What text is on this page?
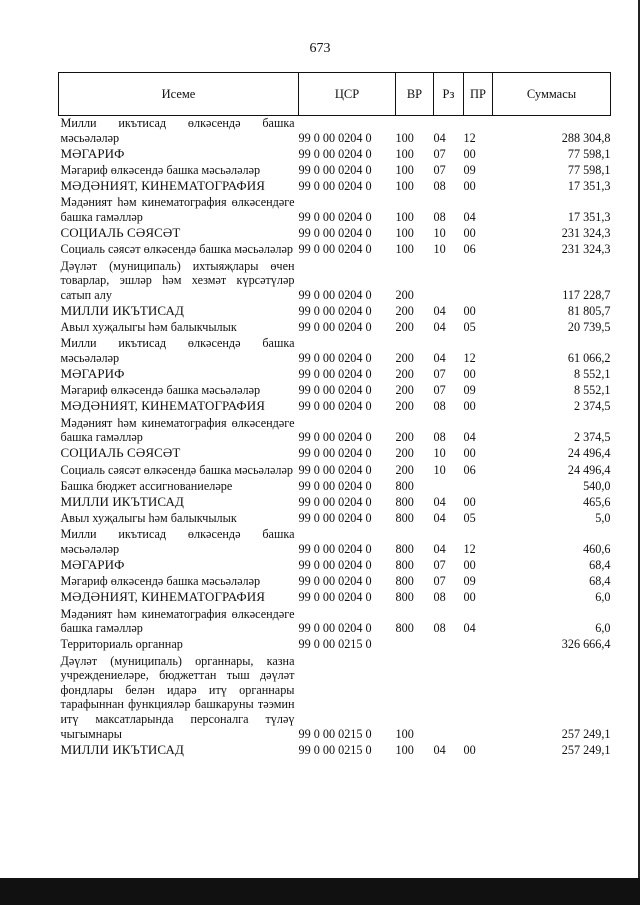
673
Исеме	ЦСР	ВР	Рз	ПР	Суммасы
Милли икътисад өлкәсендә башка мәсьәләләр	99 0 00 0204 0	100	04	12	288 304,8
МӘГАРИФ	99 0 00 0204 0	100	07	00	77 598,1
Мәгариф өлкәсендә башка мәсьәләләр	99 0 00 0204 0	100	07	09	77 598,1
МӘДӘНИЯТ, КИНЕМАТОГРАФИЯ	99 0 00 0204 0	100	08	00	17 351,3
Мәдәният һәм кинематография өлкәсендәге башка гамәлләр	99 0 00 0204 0	100	08	04	17 351,3
СОЦИАЛЬ СӘЯСӘТ	99 0 00 0204 0	100	10	00	231 324,3
Социаль сәясәт өлкәсендә башка мәсьәләләр	99 0 00 0204 0	100	10	06	231 324,3
Дәүләт (муниципаль) ихтыяҗлары өчен товарлар, эшләр һәм хезмәт күрсәтүләр сатып алу	99 0 00 0204 0	200			117 228,7
МИЛЛИ ИКЪТИСАД	99 0 00 0204 0	200	04	00	81 805,7
Авыл хуҗалыгы һәм балыкчылык	99 0 00 0204 0	200	04	05	20 739,5
Милли икътисад өлкәсендә башка мәсьәләләр	99 0 00 0204 0	200	04	12	61 066,2
МӘГАРИФ	99 0 00 0204 0	200	07	00	8 552,1
Мәгариф өлкәсендә башка мәсьәләләр	99 0 00 0204 0	200	07	09	8 552,1
МӘДӘНИЯТ, КИНЕМАТОГРАФИЯ	99 0 00 0204 0	200	08	00	2 374,5
Мәдәният һәм кинематография өлкәсендәге башка гамәлләр	99 0 00 0204 0	200	08	04	2 374,5
СОЦИАЛЬ СӘЯСӘТ	99 0 00 0204 0	200	10	00	24 496,4
Социаль сәясәт өлкәсендә башка мәсьәләләр	99 0 00 0204 0	200	10	06	24 496,4
Башка бюджет ассигнованиеләре	99 0 00 0204 0	800			540,0
МИЛЛИ ИКЪТИСАД	99 0 00 0204 0	800	04	00	465,6
Авыл хуҗалыгы һәм балыкчылык	99 0 00 0204 0	800	04	05	5,0
Милли икътисад өлкәсендә башка мәсьәләләр	99 0 00 0204 0	800	04	12	460,6
МӘГАРИФ	99 0 00 0204 0	800	07	00	68,4
Мәгариф өлкәсендә башка мәсьәләләр	99 0 00 0204 0	800	07	09	68,4
МӘДӘНИЯТ, КИНЕМАТОГРАФИЯ	99 0 00 0204 0	800	08	00	6,0
Мәдәният һәм кинематография өлкәсендәге башка гамәлләр	99 0 00 0204 0	800	08	04	6,0
Территориаль органнар	99 0 00 0215 0				326 666,4
Дәүләт (муниципаль) органнары, казна учреждениеләре, бюджеттан тыш дәүләт фондлары белән идарә итү органнары тарафыннан функцияләр башкаруны тәэмин итү максатларында персоналга түләү чыгымнары	99 0 00 0215 0	100			257 249,1
МИЛЛИ ИКЪТИСАД	99 0 00 0215 0	100	04	00	257 249,1
